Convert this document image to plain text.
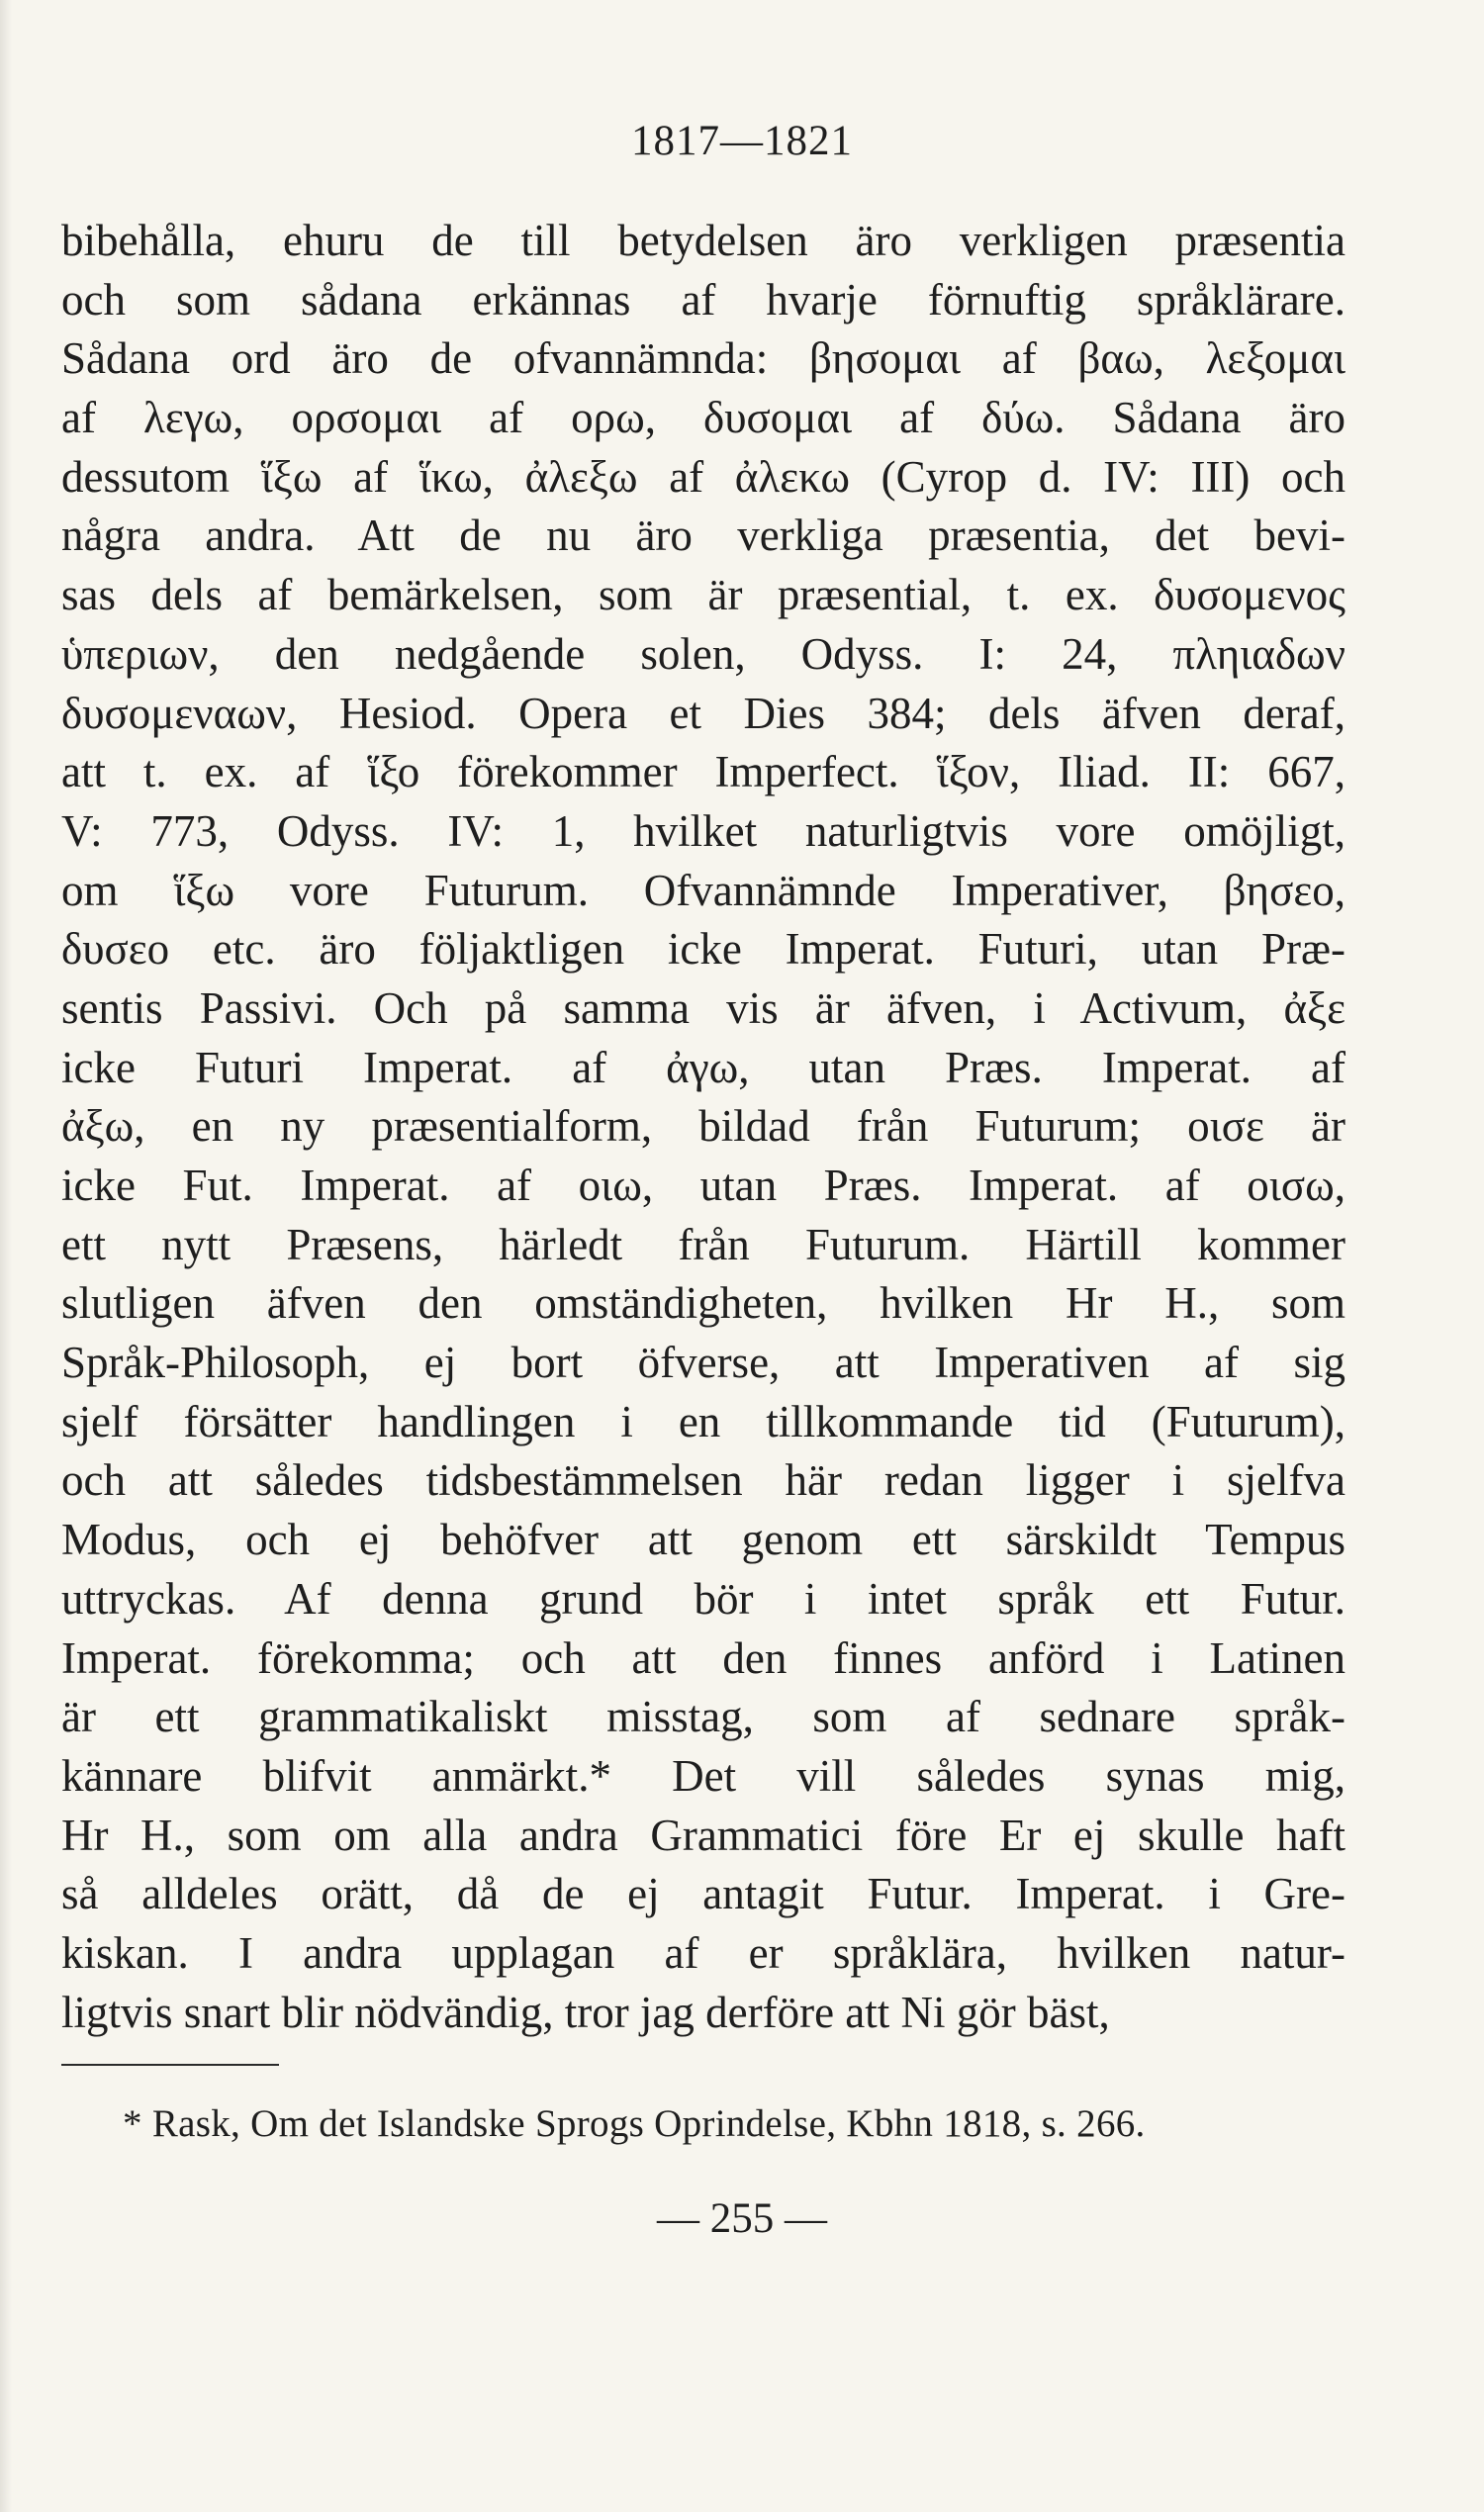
1817—1821
bibehålla, ehuru de till betydelsen äro verkligen præsentia
och som sådana erkännas af hvarje förnuftig språklärare.
Sådana ord äro de ofvannämnda: βησομαι af βαω, λεξομαι
af λεγω, ορσομαι af ορω, δυσομαι af δύω. Sådana äro
dessutom ἵξω af ἵκω, ἀλεξω af ἀλεκω (Cyrop d. IV: III) och
några andra. Att de nu äro verkliga præsentia, det bevi-
sas dels af bemärkelsen, som är præsential, t. ex. δυσομενος
ὑπεριων, den nedgående solen, Odyss. I: 24, πληιαδων
δυσομεναων, Hesiod. Opera et Dies 384; dels äfven deraf,
att t. ex. af ἵξο förekommer Imperfect. ἵξον, Iliad. II: 667,
V: 773, Odyss. IV: 1, hvilket naturligtvis vore omöjligt,
om ἵξω vore Futurum. Ofvannämnde Imperativer, βησεο,
δυσεο etc. äro följaktligen icke Imperat. Futuri, utan Præ-
sentis Passivi. Och på samma vis är äfven, i Activum, ἀξε
icke Futuri Imperat. af ἀγω, utan Præs. Imperat. af
ἀξω, en ny præsentialform, bildad från Futurum; οισε är
icke Fut. Imperat. af οιω, utan Præs. Imperat. af οισω,
ett nytt Præsens, härledt från Futurum. Härtill kommer
slutligen äfven den omständigheten, hvilken Hr H., som
Språk-Philosoph, ej bort öfverse, att Imperativen af sig
sjelf försätter handlingen i en tillkommande tid (Futurum),
och att således tidsbestämmelsen här redan ligger i sjelfva
Modus, och ej behöfver att genom ett särskildt Tempus
uttryckas. Af denna grund bör i intet språk ett Futur.
Imperat. förekomma; och att den finnes anförd i Latinen
är ett grammatikaliskt misstag, som af sednare språk-
kännare blifvit anmärkt.* Det vill således synas mig,
Hr H., som om alla andra Grammatici före Er ej skulle haft
så alldeles orätt, då de ej antagit Futur. Imperat. i Gre-
kiskan. I andra upplagan af er språklära, hvilken natur-
ligtvis snart blir nödvändig, tror jag derföre att Ni gör bäst,
* Rask, Om det Islandske Sprogs Oprindelse, Kbhn 1818, s. 266.
— 255 —
